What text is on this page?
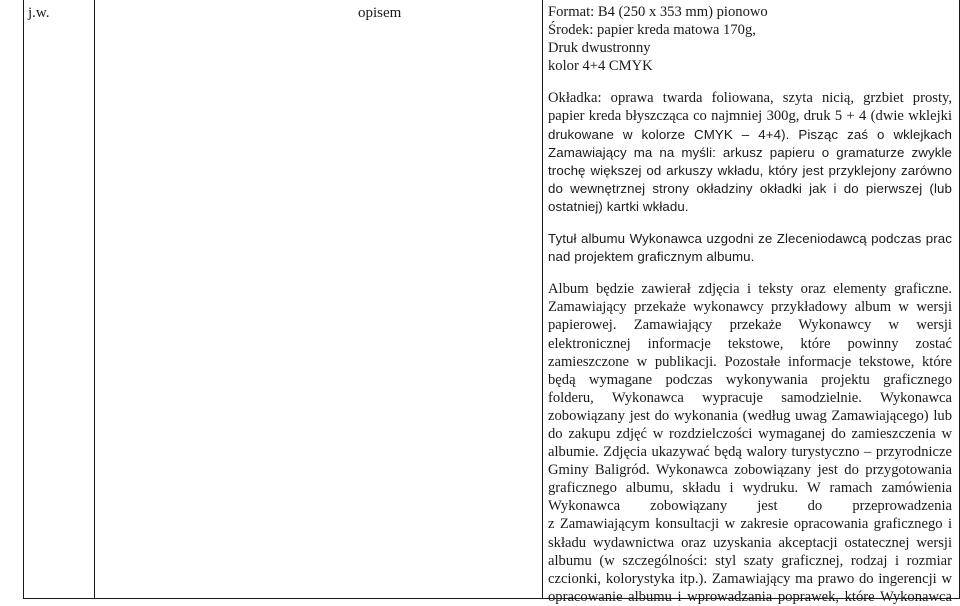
j.w.	opisem	Format: B4 (250 x 353 mm) pionowo
Środek: papier kreda matowa 170g,
Druk dwustronny
kolor 4+4 CMYK
Okładka: oprawa twarda foliowana, szyta nicią, grzbiet prosty,
papier kreda błyszcząca co najmniej 300g, druk 5 + 4 (dwie wklejki
drukowane w kolorze CMYK – 4+4). Pisząc zaś o wklejkach
Zamawiający ma na myśli: arkusz papieru o gramaturze zwykle
trochę większej od arkuszy wkładu, który jest przyklejony zarówno
do wewnętrznej strony okładziny okładki jak i do pierwszej (lub
ostatniej) kartki wkładu.
Tytuł albumu Wykonawca uzgodni ze Zleceniodawcą podczas prac
nad projektem graficznym albumu.
Album będzie zawierał zdjęcia i teksty oraz elementy graficzne.
Zamawiający przekaże wykonawcy przykładowy album w wersji
papierowej. Zamawiający przekaże Wykonawcy w wersji
elektronicznej informacje tekstowe, które powinny zostać
zamieszczone w publikacji. Pozostałe informacje tekstowe, które
będą wymagane podczas wykonywania projektu graficznego
folderu, Wykonawca wypracuje samodzielnie. Wykonawca
zobowiązany jest do wykonania (według uwag Zamawiającego) lub
do zakupu zdjęć w rozdzielczości wymaganej do zamieszczenia w
albumie. Zdjęcia ukazywać będą walory turystyczno – przyrodnicze
Gminy Baligród. Wykonawca zobowiązany jest do przygotowania
graficznego albumu, składu i wydruku. W ramach zamówienia
Wykonawca zobowiązany jest do przeprowadzenia
z Zamawiającym konsultacji w zakresie opracowania graficznego i
składu wydawnictwa oraz uzyskania akceptacji ostatecznej wersji
albumu (w szczególności: styl szaty graficznej, rodzaj i rozmiar
czcionki, kolorystyka itp.). Zamawiający ma prawo do ingerencji w
opracowanie albumu i wprowadzania poprawek, które Wykonawca
